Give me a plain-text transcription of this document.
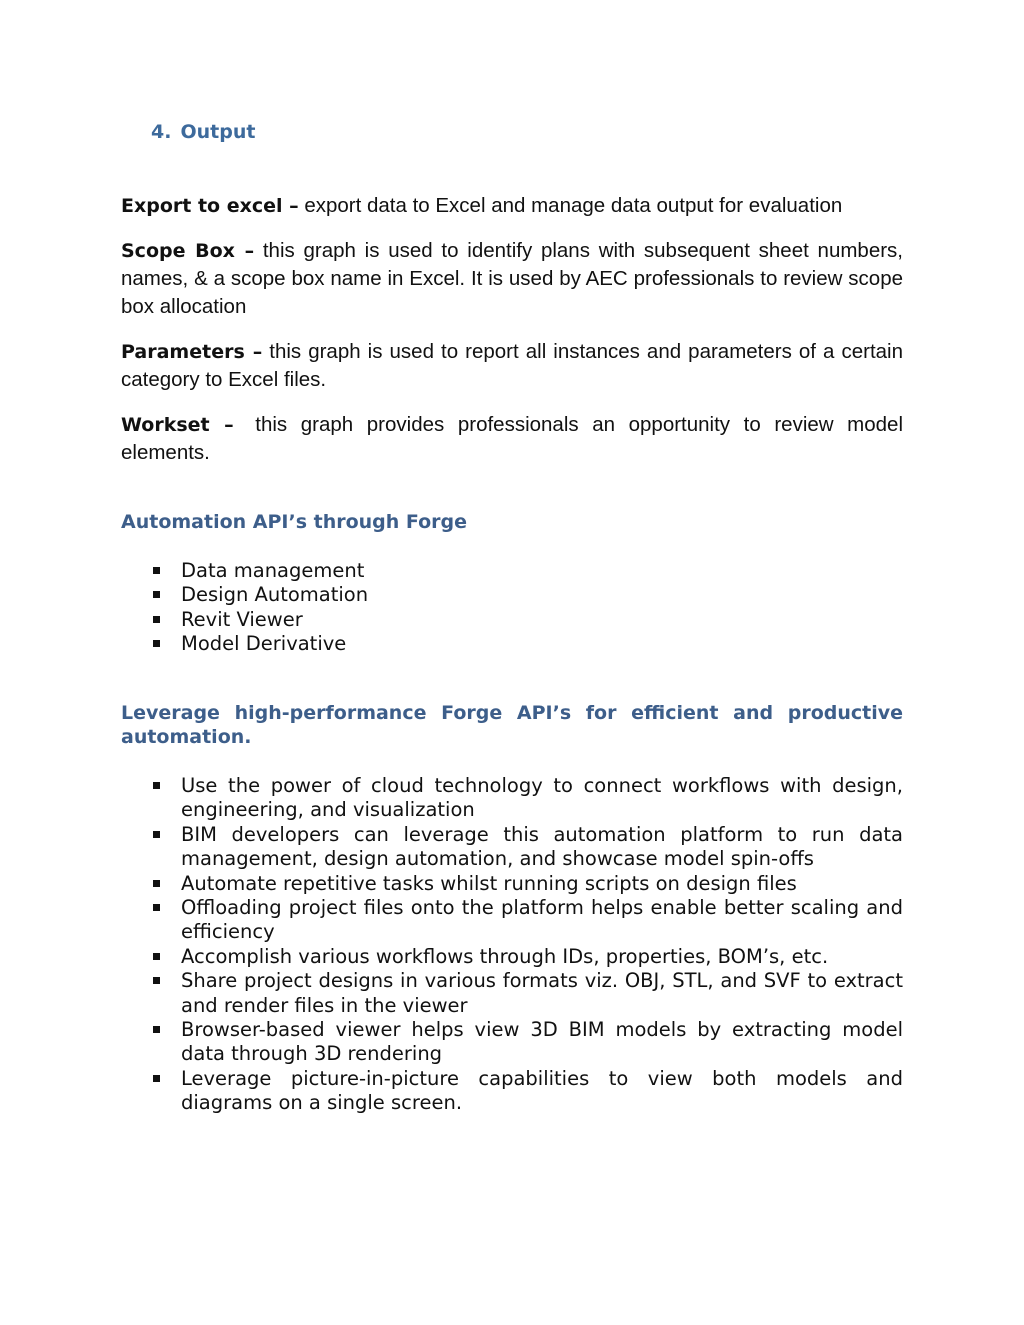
4. Output
Export to excel – export data to Excel and manage data output for evaluation
Scope Box – this graph is used to identify plans with subsequent sheet numbers, names, & a scope box name in Excel. It is used by AEC professionals to review scope box allocation
Parameters – this graph is used to report all instances and parameters of a certain category to Excel files.
Workset – this graph provides professionals an opportunity to review model elements.
Automation API’s through Forge
Data management
Design Automation
Revit Viewer
Model Derivative
Leverage high-performance Forge API’s for efficient and productive automation.
Use the power of cloud technology to connect workflows with design, engineering, and visualization
BIM developers can leverage this automation platform to run data management, design automation, and showcase model spin-offs
Automate repetitive tasks whilst running scripts on design files
Offloading project files onto the platform helps enable better scaling and efficiency
Accomplish various workflows through IDs, properties, BOM’s, etc.
Share project designs in various formats viz. OBJ, STL, and SVF to extract and render files in the viewer
Browser-based viewer helps view 3D BIM models by extracting model data through 3D rendering
Leverage picture-in-picture capabilities to view both models and diagrams on a single screen.
